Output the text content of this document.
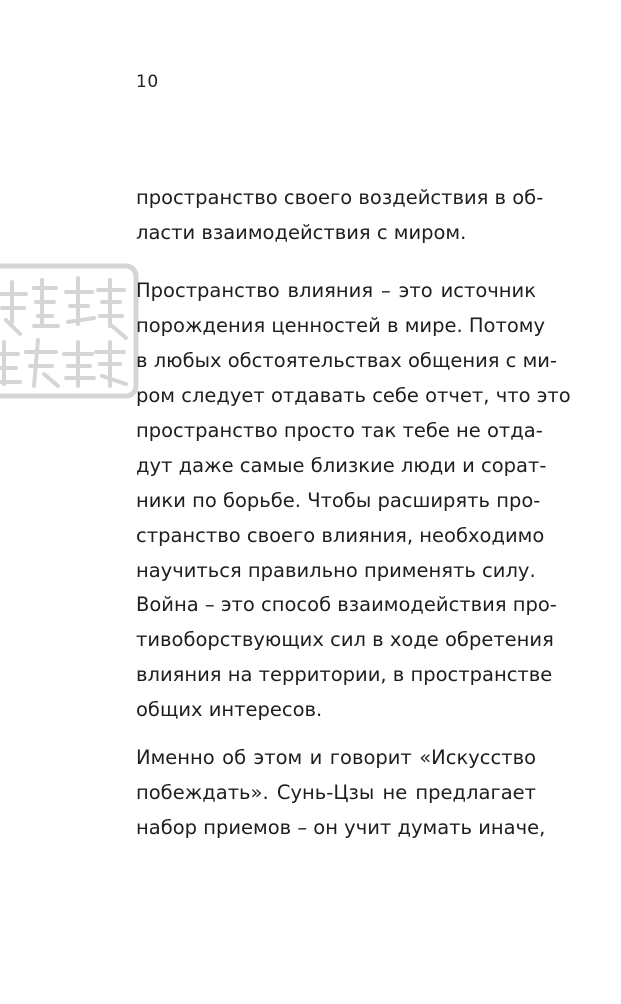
10
пространство своего воздействия в об-
ласти взаимодействия с миром.
Пространство влияния – это источник
порождения ценностей в мире. Потому
в любых обстоятельствах общения с ми-
ром следует отдавать себе отчет, что это
пространство просто так тебе не отда-
дут даже самые близкие люди и сорат-
ники по борьбе. Чтобы расширять про-
странство своего влияния, необходимо
научиться правильно применять силу.
Война – это способ взаимодействия про-
тивоборствующих сил в ходе обретения
влияния на территории, в пространстве
общих интересов.
Именно об этом и говорит «Искусство
побеждать». Сунь-Цзы не предлагает
набор приемов – он учит думать иначе,
